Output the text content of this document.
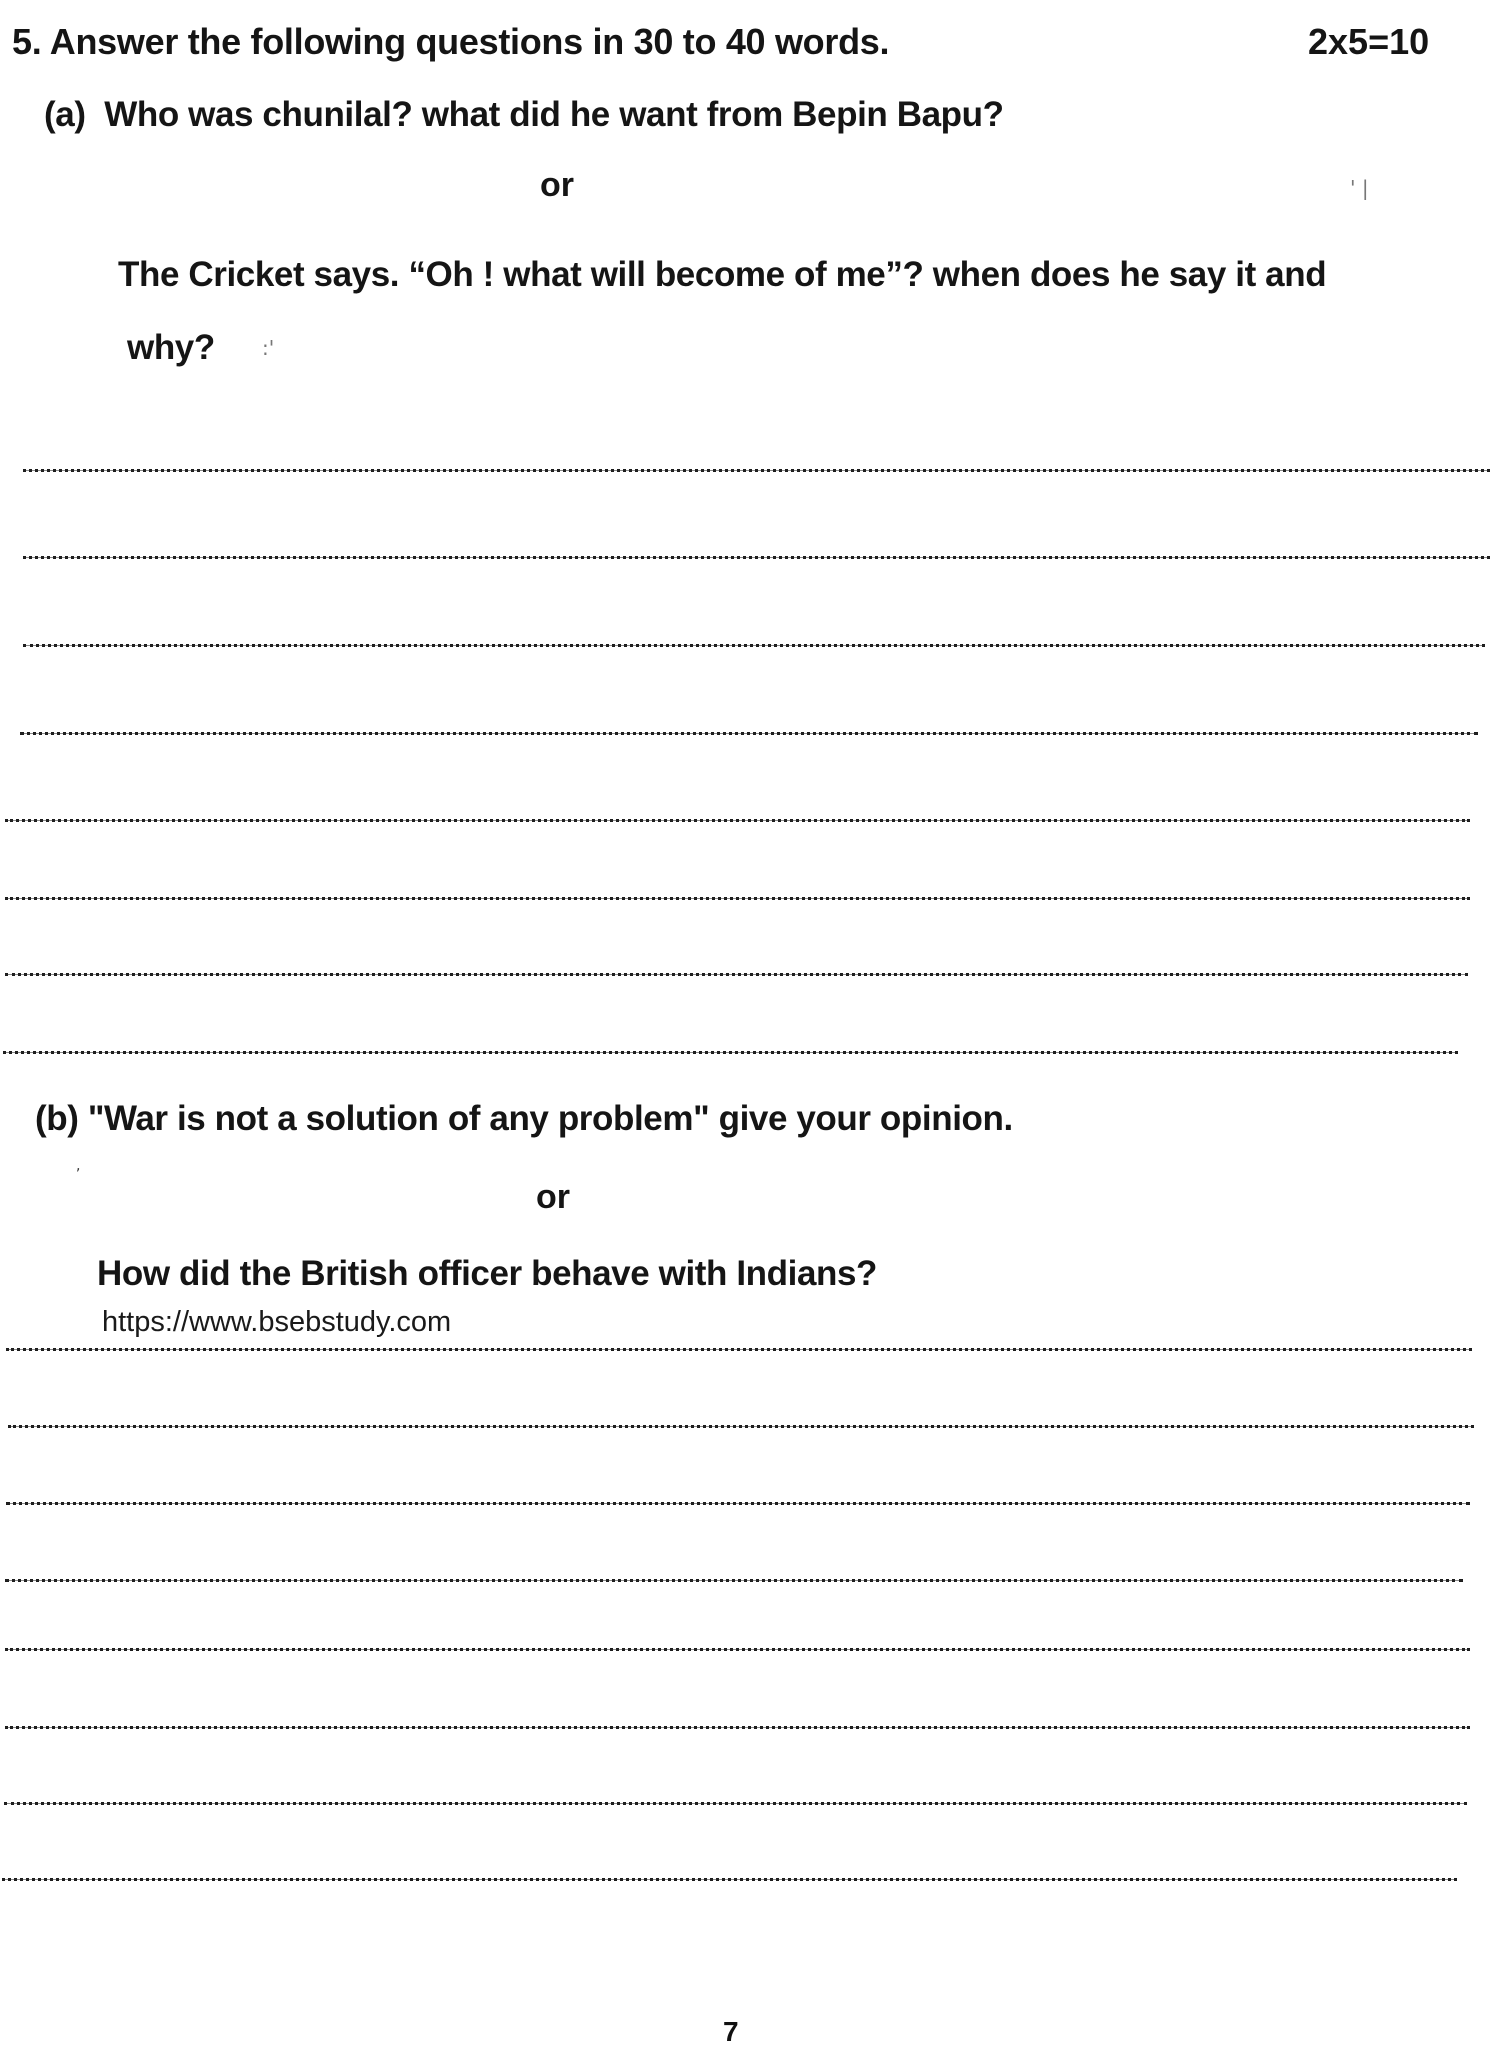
5. Answer the following questions in 30 to 40 words.	2x5=10
(a) Who was chunilal? what did he want from Bepin Bapu?
or	' |
The Cricket says. “Oh ! what will become of me”? when does he say it and
why? :'
(b) "War is not a solution of any problem" give your opinion.
,
or
How did the British officer behave with Indians?
https://www.bsebstudy.com
7
